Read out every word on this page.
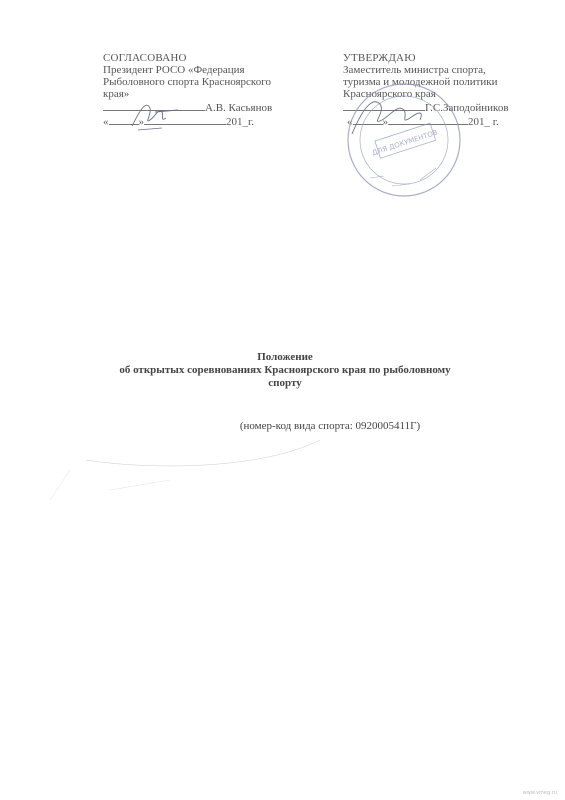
СОГЛАСОВАНО
Президент РОСО «Федерация
Рыболовного спорта Красноярского
края»
А.В. Касьянов
«	»	201_г.
УТВЕРЖДАЮ
Заместитель министра спорта,
туризма и молодежной политики
Красноярского края
Г.С.Заподойников
«	»	201_ г.
ДЛЯ ДОКУМЕНТОВ
Положение
об открытых соревнованиях Красноярского края по рыболовному
спорту
(номер-код вида спорта: 0920005411Г)
www.vmeg.ru
